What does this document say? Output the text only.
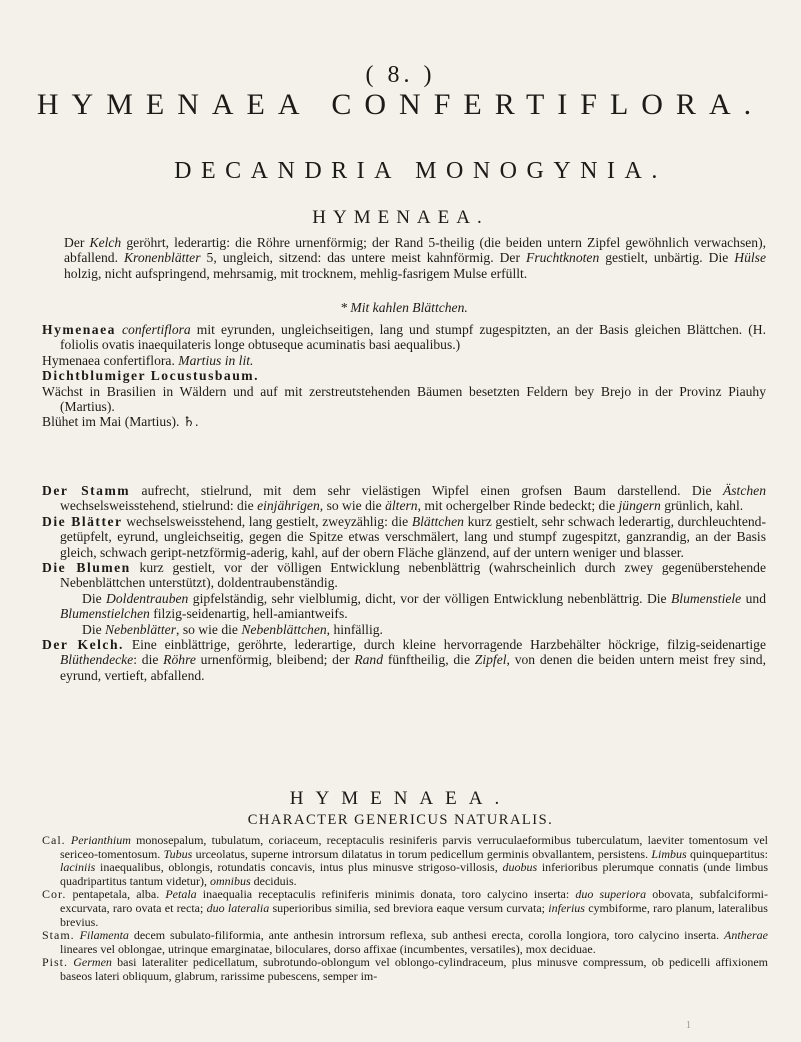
( 8. )
HYMENAEA CONFERTIFLORA.
DECANDRIA MONOGYNIA.
HYMENAEA.
Der Kelch geröhrt, lederartig: die Röhre urnenförmig; der Rand 5-theilig (die beiden untern Zipfel gewöhnlich verwachsen), abfallend. Kronenblätter 5, ungleich, sitzend: das untere meist kahnförmig. Der Fruchtknoten gestielt, unbärtig. Die Hülse holzig, nicht aufspringend, mehrsamig, mit trocknem, mehlig-fasrigem Mulse erfüllt.
* Mit kahlen Blättchen.

Hymenaea confertiflora mit eyrunden, ungleichseitigen, lang und stumpf zugespitzten, an der Basis gleichen Blättchen. (H. foliolis ovatis inaequilateris longe obtuseque acuminatis basi aequalibus.)

Hymenaea confertiflora. Martius in lit.

Dichtblumiger Locustusbaum.

Wächst in Brasilien in Wäldern und auf mit zerstreutstehenden Bäumen besetzten Feldern bey Brejo in der Provinz Piauhy (Martius).

Blühet im Mai (Martius). ♄.

Der Stamm aufrecht, stielrund, mit dem sehr vielästigen Wipfel einen grofsen Baum darstellend. Die Ästchen wechselsweisstehend, stielrund: die einjährigen, so wie die ältern, mit ochergelber Rinde bedeckt; die jüngern grünlich, kahl.

Die Blätter wechselsweisstehend, lang gestielt, zweyzählig: die Blättchen kurz gestielt, sehr schwach lederartig, durchleuchtend-getüpfelt, eyrund, ungleichseitig, gegen die Spitze etwas verschmälert, lang und stumpf zugespitzt, ganzrandig, an der Basis gleich, schwach geript-netzförmig-aderig, kahl, auf der obern Fläche glänzend, auf der untern weniger und blasser.

Die Blumen kurz gestielt, vor der völligen Entwicklung nebenblättrig (wahrscheinlich durch zwey gegenüberstehende Nebenblättchen unterstützt), doldentraubenständig.

Die Doldentrauben gipfelständig, sehr vielblumig, dicht, vor der völligen Entwicklung nebenblättrig. Die Blumenstiele und Blumenstielchen filzig-seidenartig, hell-amiantweifs.

Die Nebenblätter, so wie die Nebenblättchen, hinfällig.

Der Kelch. Eine einblättrige, geröhrte, lederartige, durch kleine hervorragende Harzbehälter höckrige, filzig-seidenartige Blüthendecke: die Röhre urnenförmig, bleibend; der Rand fünftheilig, die Zipfel, von denen die beiden untern meist frey sind, eyrund, vertieft, abfallend.

HYMENAEA.
CHARACTER GENERICUS NATURALIS.

Cal. Perianthium monosepalum, tubulatum, coriaceum, receptaculis resiniferis parvis verruculaeformibus tuberculatum, laeviter tomentosum vel sericeo-tomentosum. Tubus urceolatus, superne introrsum dilatatus in torum pedicellum germinis obvallantem, persistens. Limbus quinquepartitus: laciniis inaequalibus, oblongis, rotundatis concavis, intus plus minusve strigoso-villosis, duobus inferioribus plerumque connatis (unde limbus quadripartitus tantum videtur), omnibus deciduis.

Cor. pentapetala, alba. Petala inaequalia receptaculis refiniferis minimis donata, toro calycino inserta: duo superiora obovata, subfalciformi-excurvata, raro ovata et recta; duo lateralia superioribus similia, sed breviora eaque versum curvata; inferius cymbiforme, raro planum, lateralibus brevius.

Stam. Filamenta decem subulato-filiformia, ante anthesin introrsum reflexa, sub anthesi erecta, corolla longiora, toro calycino inserta. Antherae lineares vel oblongae, utrinque emarginatae, biloculares, dorso affixae (incumbentes, versatiles), mox deciduae.

Pist. Germen basi lateraliter pedicellatum, subrotundo-oblongum vel oblongo-cylindraceum, plus minusve compressum, ob pedicelli affixionem baseos lateri obliquum, glabrum, rarissime pubescens, semper im-

1
